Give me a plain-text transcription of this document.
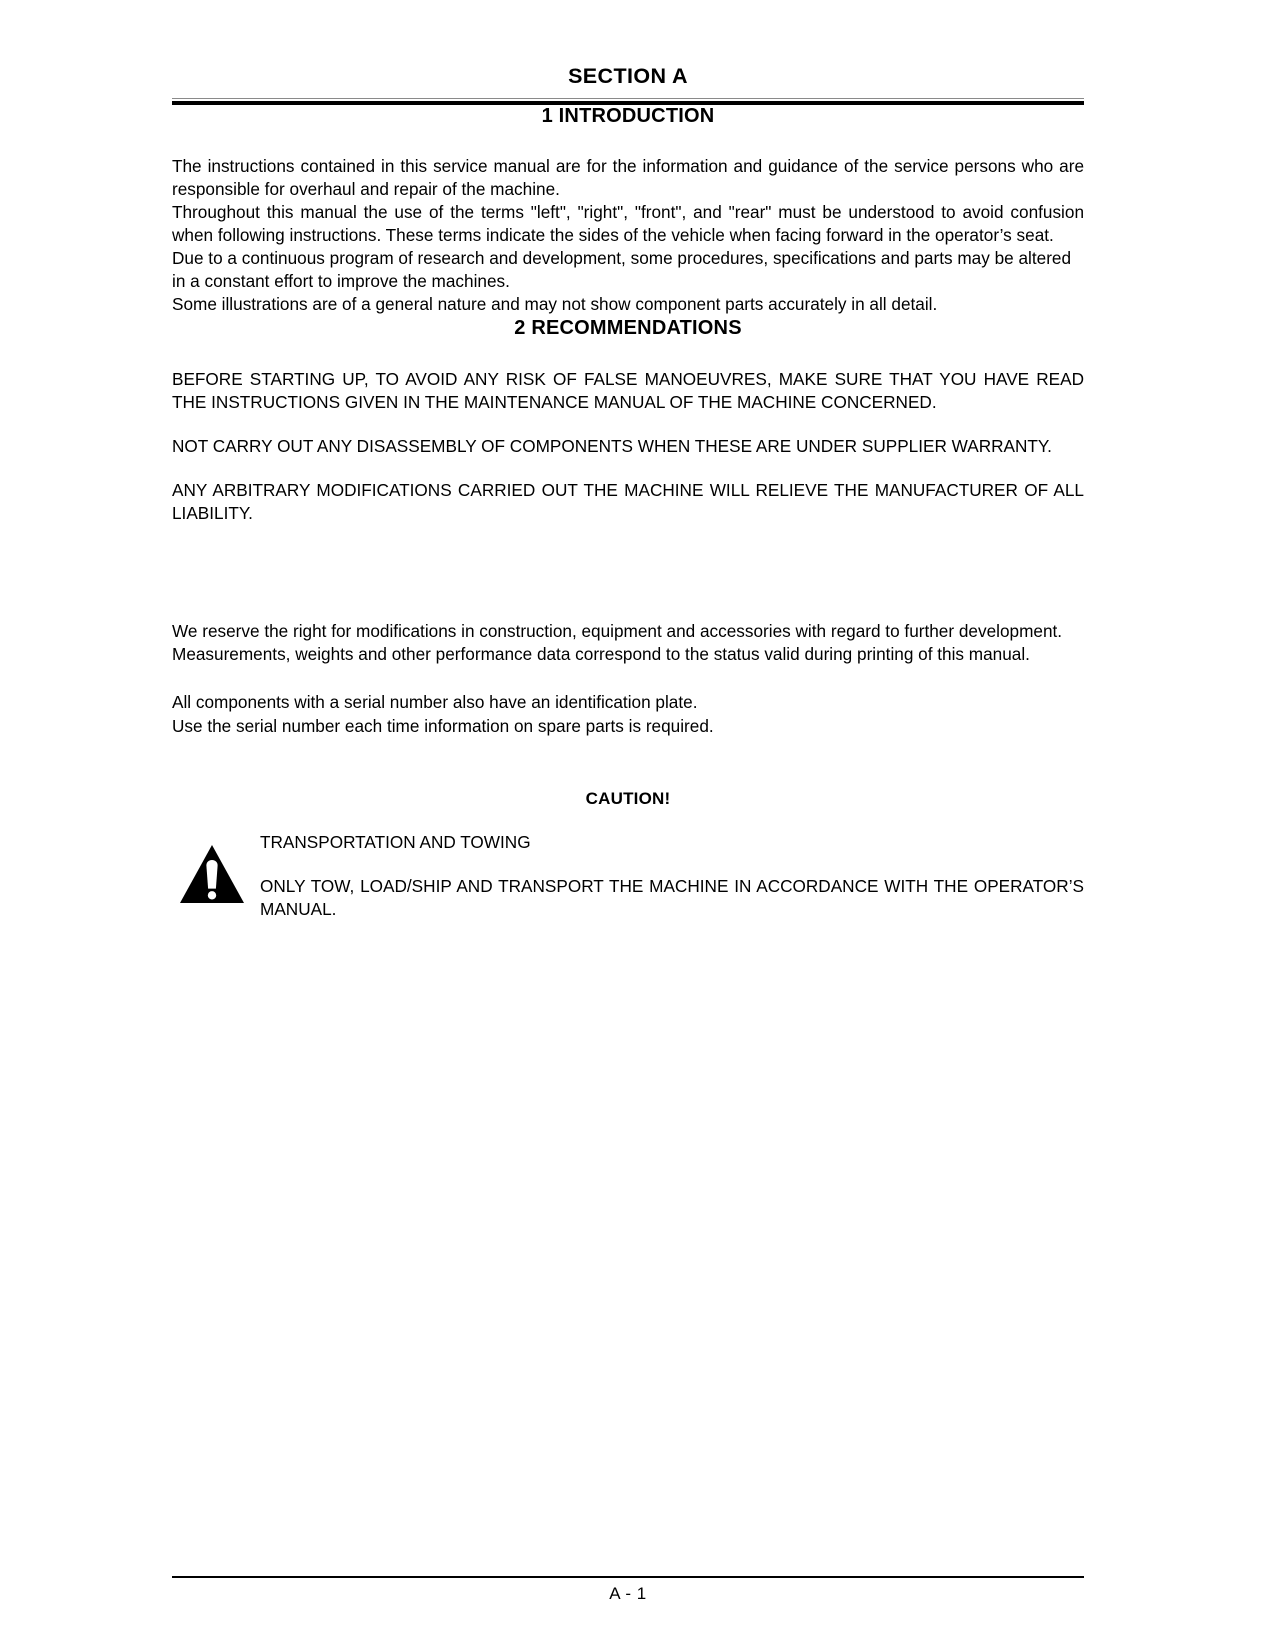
SECTION A
1 INTRODUCTION

The instructions contained in this service manual are for the information and guidance of the service persons who are responsible for overhaul and repair of the machine.

Throughout this manual the use of the terms "left", "right", "front", and "rear" must be understood to avoid confusion when following instructions. These terms indicate the sides of the vehicle when facing forward in the operator’s seat.

Due to a continuous program of research and development, some procedures, specifications and parts may be altered in a constant effort to improve the machines.

Some illustrations are of a general nature and may not show component parts accurately in all detail.

2 RECOMMENDATIONS

BEFORE STARTING UP, TO AVOID ANY RISK OF FALSE MANOEUVRES, MAKE SURE THAT YOU HAVE READ THE INSTRUCTIONS GIVEN IN THE MAINTENANCE MANUAL OF THE MACHINE CONCERNED.

NOT CARRY OUT ANY DISASSEMBLY OF COMPONENTS WHEN THESE ARE UNDER SUPPLIER WARRANTY.

ANY ARBITRARY MODIFICATIONS CARRIED OUT THE MACHINE WILL RELIEVE THE MANUFACTURER OF ALL LIABILITY.

We reserve the right for modifications in construction, equipment and accessories with regard to further development.

Measurements, weights and other performance data correspond to the status valid during printing of this manual.

All components with a serial number also have an identification plate.

Use the serial number each time information on spare parts is required.

CAUTION!

TRANSPORTATION AND TOWING

ONLY TOW, LOAD/SHIP AND TRANSPORT THE MACHINE IN ACCORDANCE WITH THE OPERATOR’S MANUAL.

A - 1
